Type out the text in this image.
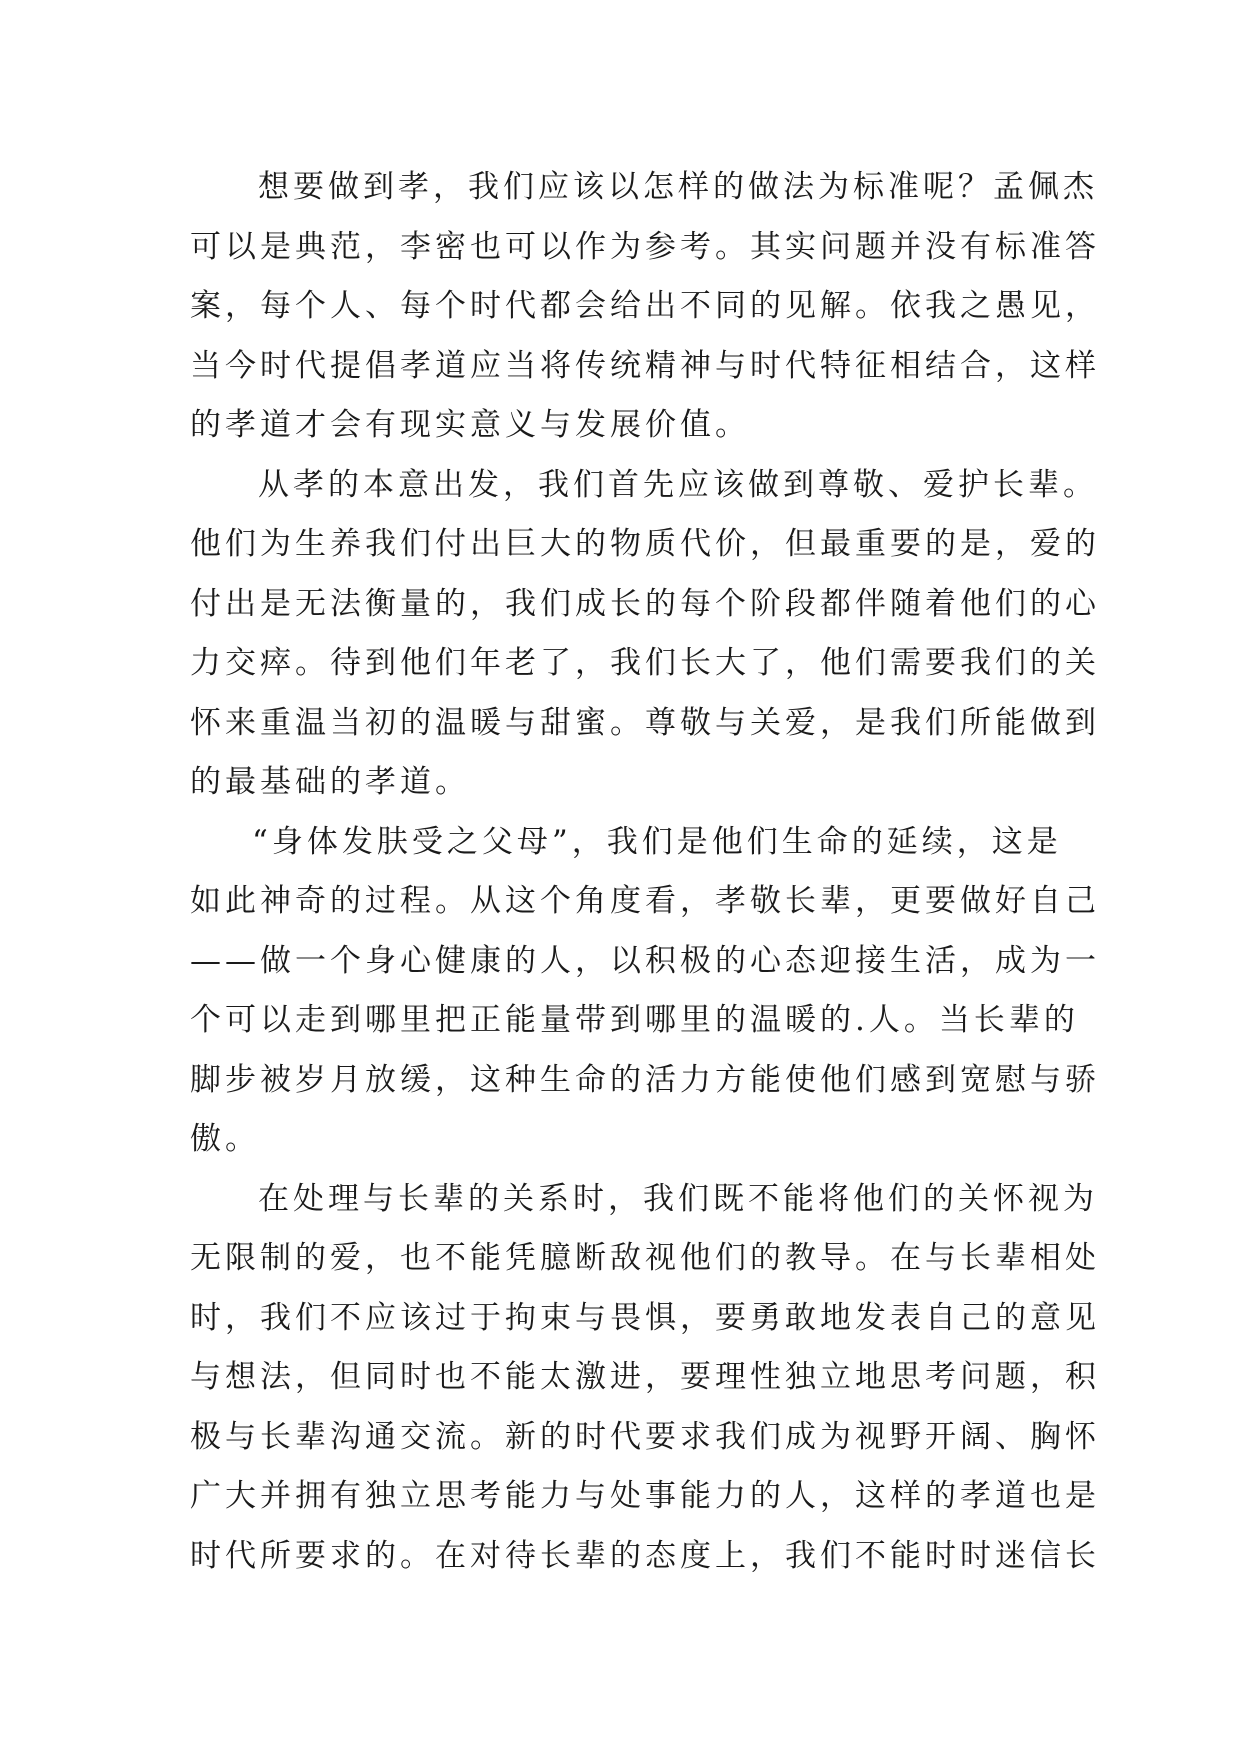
想要做到孝，我们应该以怎样的做法为标准呢？孟佩杰
可以是典范，李密也可以作为参考。其实问题并没有标准答
案，每个人、每个时代都会给出不同的见解。依我之愚见，
当今时代提倡孝道应当将传统精神与时代特征相结合，这样
的孝道才会有现实意义与发展价值。
从孝的本意出发，我们首先应该做到尊敬、爱护长辈。
他们为生养我们付出巨大的物质代价，但最重要的是，爱的
付出是无法衡量的，我们成长的每个阶段都伴随着他们的心
力交瘁。待到他们年老了，我们长大了，他们需要我们的关
怀来重温当初的温暖与甜蜜。尊敬与关爱，是我们所能做到
的最基础的孝道。
“身体发肤受之父母”，我们是他们生命的延续，这是
如此神奇的过程。从这个角度看，孝敬长辈，更要做好自己
——做一个身心健康的人，以积极的心态迎接生活，成为一
个可以走到哪里把正能量带到哪里的温暖的.人。当长辈的
脚步被岁月放缓，这种生命的活力方能使他们感到宽慰与骄
傲。
在处理与长辈的关系时，我们既不能将他们的关怀视为
无限制的爱，也不能凭臆断敌视他们的教导。在与长辈相处
时，我们不应该过于拘束与畏惧，要勇敢地发表自己的意见
与想法，但同时也不能太激进，要理性独立地思考问题，积
极与长辈沟通交流。新的时代要求我们成为视野开阔、胸怀
广大并拥有独立思考能力与处事能力的人，这样的孝道也是
时代所要求的。在对待长辈的态度上，我们不能时时迷信长
